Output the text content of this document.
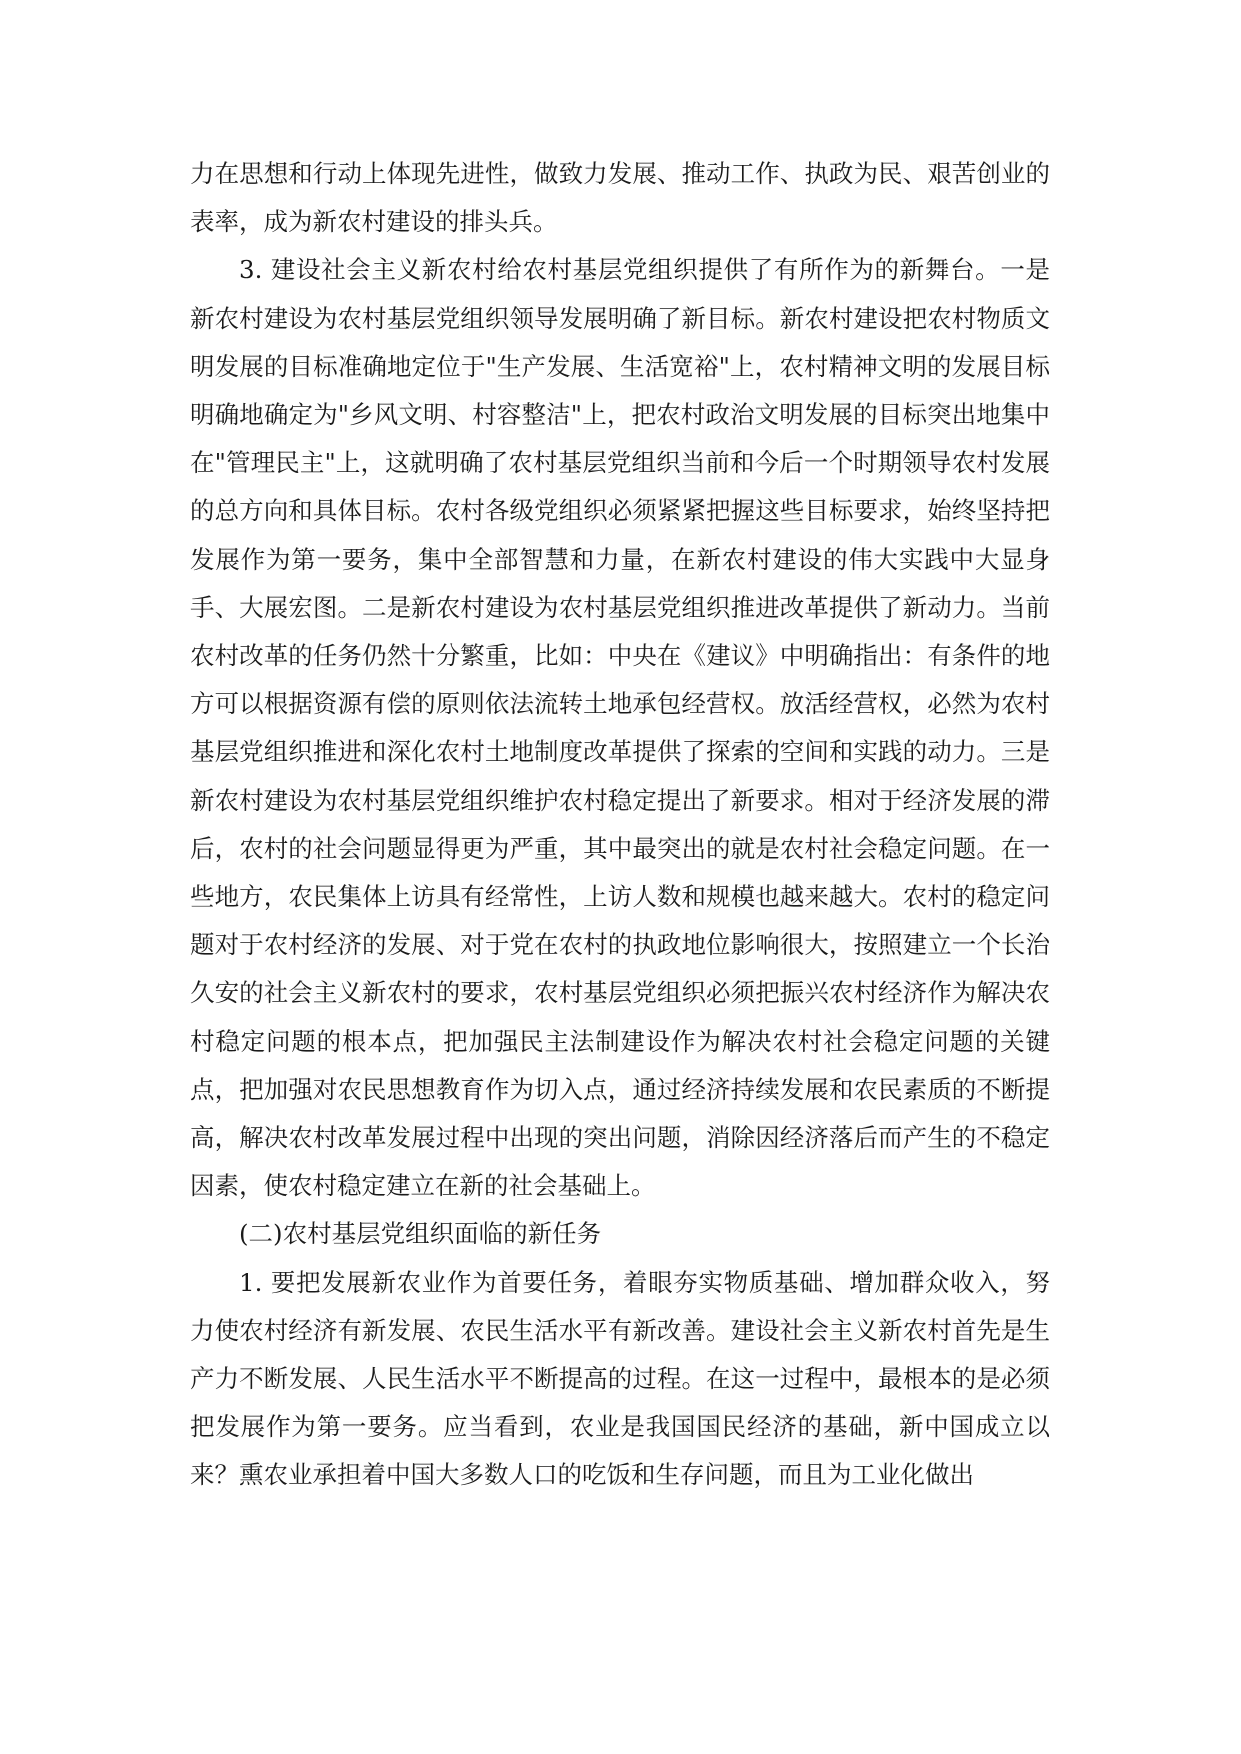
力在思想和行动上体现先进性，做致力发展、推动工作、执政为民、艰苦创业的表率，成为新农村建设的排头兵。

3. 建设社会主义新农村给农村基层党组织提供了有所作为的新舞台。一是新农村建设为农村基层党组织领导发展明确了新目标。新农村建设把农村物质文明发展的目标准确地定位于"生产发展、生活宽裕"上，农村精神文明的发展目标明确地确定为"乡风文明、村容整洁"上，把农村政治文明发展的目标突出地集中在"管理民主"上，这就明确了农村基层党组织当前和今后一个时期领导农村发展的总方向和具体目标。农村各级党组织必须紧紧把握这些目标要求，始终坚持把发展作为第一要务，集中全部智慧和力量，在新农村建设的伟大实践中大显身手、大展宏图。二是新农村建设为农村基层党组织推进改革提供了新动力。当前农村改革的任务仍然十分繁重，比如：中央在《建议》中明确指出：有条件的地方可以根据资源有偿的原则依法流转土地承包经营权。放活经营权，必然为农村基层党组织推进和深化农村土地制度改革提供了探索的空间和实践的动力。三是新农村建设为农村基层党组织维护农村稳定提出了新要求。相对于经济发展的滞后，农村的社会问题显得更为严重，其中最突出的就是农村社会稳定问题。在一些地方，农民集体上访具有经常性，上访人数和规模也越来越大。农村的稳定问题对于农村经济的发展、对于党在农村的执政地位影响很大，按照建立一个长治久安的社会主义新农村的要求，农村基层党组织必须把振兴农村经济作为解决农村稳定问题的根本点，把加强民主法制建设作为解决农村社会稳定问题的关键点，把加强对农民思想教育作为切入点，通过经济持续发展和农民素质的不断提高，解决农村改革发展过程中出现的突出问题，消除因经济落后而产生的不稳定因素，使农村稳定建立在新的社会基础上。

(二)农村基层党组织面临的新任务

1. 要把发展新农业作为首要任务，着眼夯实物质基础、增加群众收入，努力使农村经济有新发展、农民生活水平有新改善。建设社会主义新农村首先是生产力不断发展、人民生活水平不断提高的过程。在这一过程中，最根本的是必须把发展作为第一要务。应当看到，农业是我国国民经济的基础，新中国成立以来？熏农业承担着中国大多数人口的吃饭和生存问题，而且为工业化做出
